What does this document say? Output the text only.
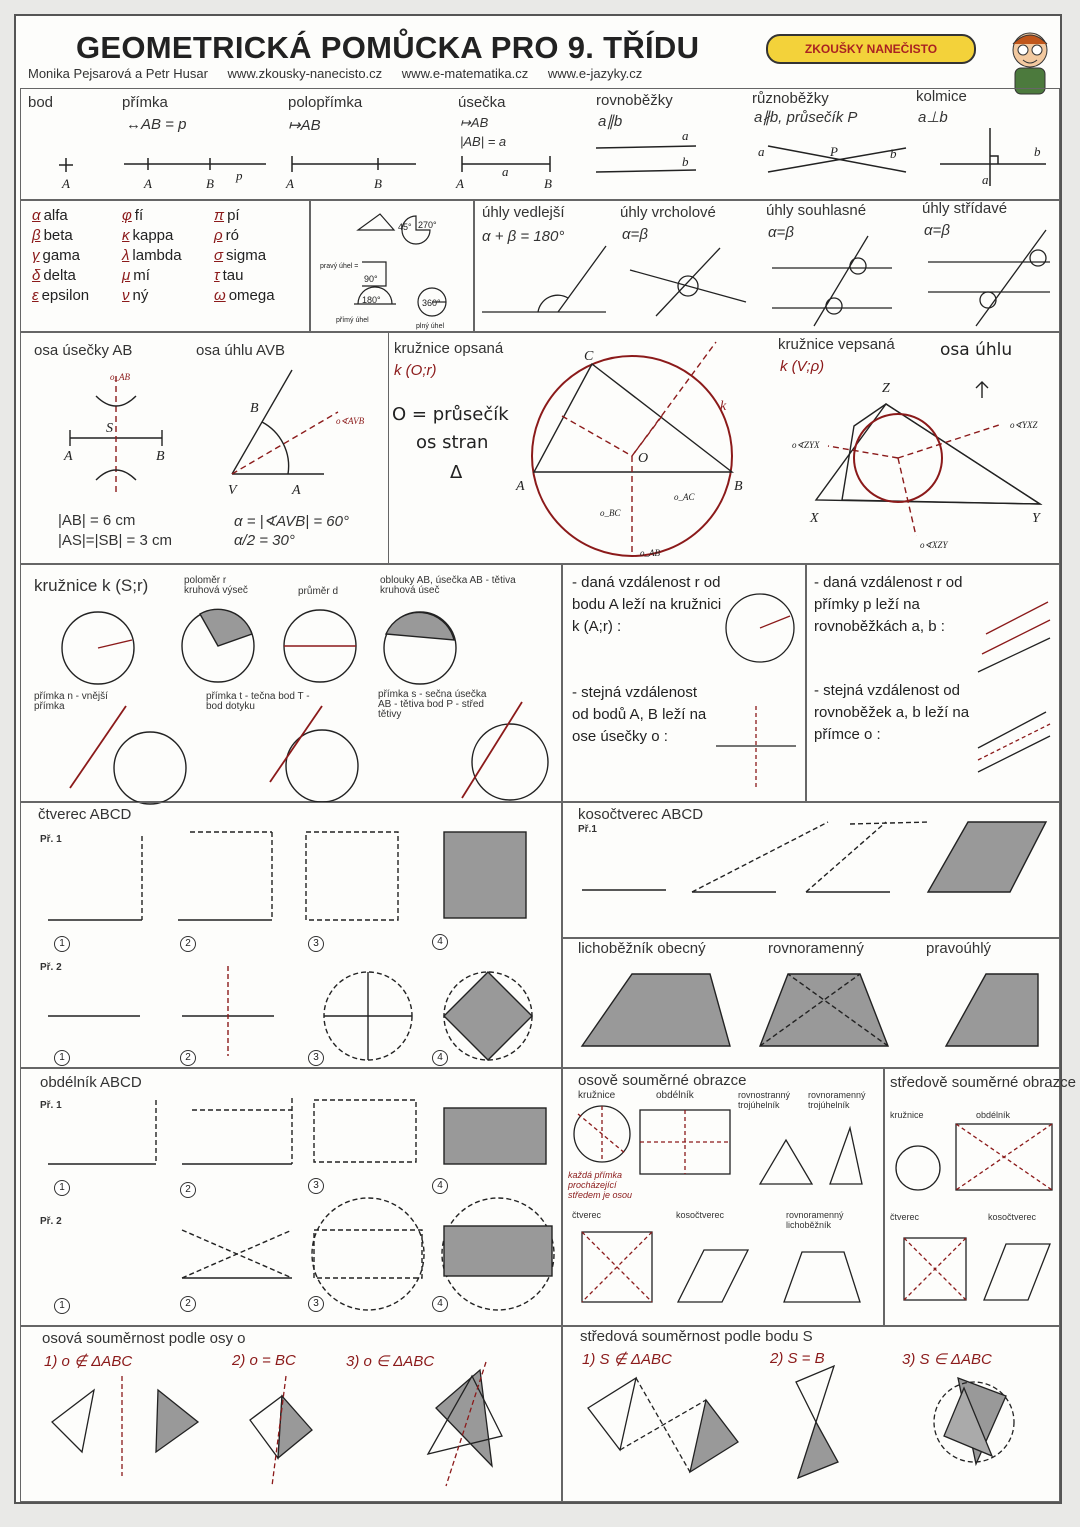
GEOMETRICKÁ POMŮCKA PRO 9. TŘÍDU
Monika Pejsarová a Petr Husar www.zkousky-nanecisto.cz www.e-matematika.cz www.e-jazyky.cz
ZKOUŠKY NANEČISTO
bod	přímka
↔AB = p
polopřímka
↦AB
úsečka
↦AB
|AB| = a
rovnoběžky
a∥b
různoběžky
a∦b, průsečík P
kolmice
a⊥b
A	A	B
p
A	B	A
a
B
a
b
a	P	b
a
b
α alfa	φ fí	π pí
β beta	κ kappa	ρ ró
γ gama	λ lambda	σ sigma
δ delta	μ mí	τ tau
ε epsilon	ν ný	ω omega
45° 270°
90°
pravý úhel =
180°
přímý úhel
360°
plný úhel
úhly vedlejší
α + β = 180°
úhly vrcholové
α=β
úhly souhlasné
α=β
úhly střídavé
α=β
osa úsečky AB	osa úhlu AVB
|AB| = 6 cm
|AS|=|SB| = 3 cm
α = |∢AVB| = 60°
α/2 = 30°
kružnice opsaná
k (O;r)
O = průsečík
os stran
Δ
kružnice vepsaná
k (V;ρ)
osa úhlu
A
S
B
o_AB
B
V	A
o∢AVB
C
A	B
O
k
o_AC
o_BC
o_AB
Z
X	Y
o∢ZYX
o∢YXZ
o∢XZY
kružnice k (S;r)	poloměr r
kruhová výseč	průměr d
oblouky AB, úsečka AB - tětiva
kruhová úseč
přímka n - vnější přímka
přímka t - tečna bod T - bod dotyku
přímka s - sečna úsečka AB - tětiva bod P - střed tětivy
- daná vzdálenost r od bodu A leží na kružnici k (A;r) :
- stejná vzdálenost od bodů A, B leží na ose úsečky o :
- daná vzdálenost r od přímky p leží na rovnoběžkách a, b :
- stejná vzdálenost od rovnoběžek a, b leží na přímce o :
čtverec ABCD
Př. 1
Př. 2
1	2	3	4
1	2	3	4
kosočtverec ABCD
Př.1
lichoběžník obecný	rovnoramenný	pravoúhlý
obdélník ABCD
Př. 1
Př. 2
1	2	3	4
1	2	3	4
osově souměrné obrazce
kružnice	obdélník	rovnostranný trojúhelník
rovnoramenný trojúhelník
každá přímka procházející středem je osou
čtverec	kosočtverec	rovnoramenný lichoběžník
středově souměrné obrazce
kružnice	obdélník
čtverec	kosočtverec
osová souměrnost podle osy o
1) o ∉ ΔABC	2) o = BC	3) o ∈ ΔABC
středová souměrnost podle bodu S
1) S ∉ ΔABC	2) S = B	3) S ∈ ΔABC
